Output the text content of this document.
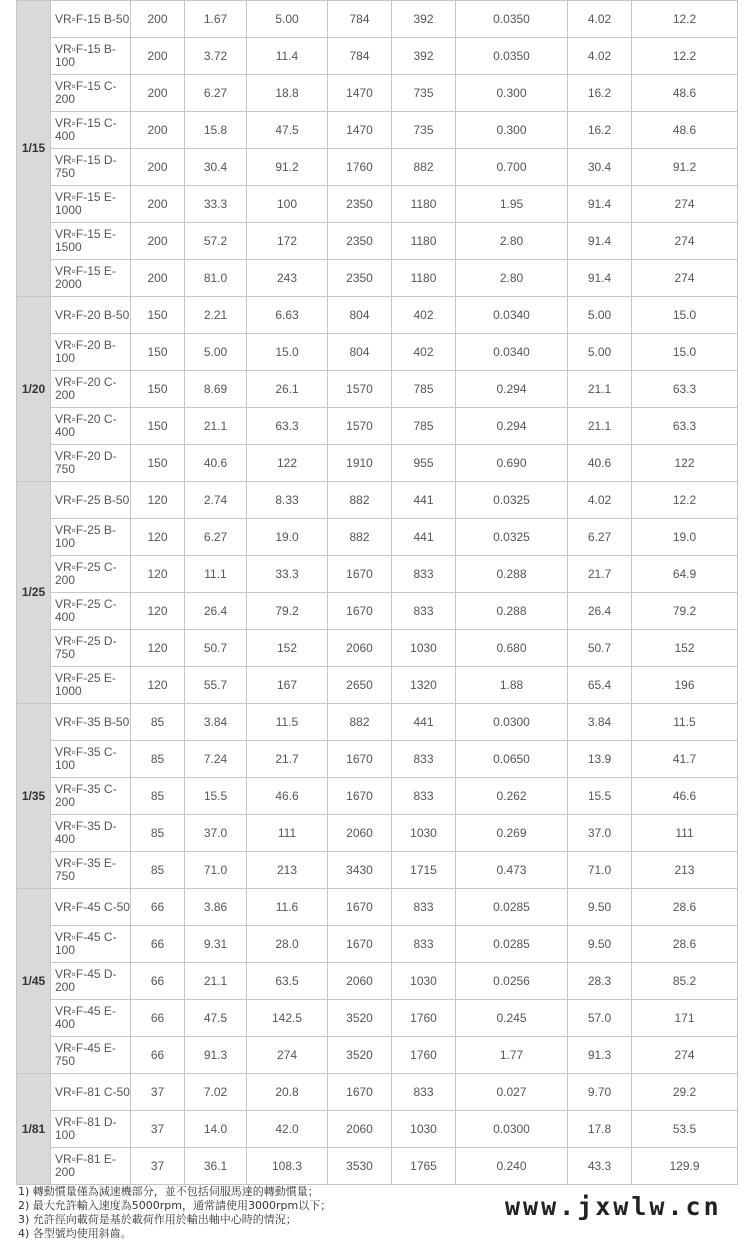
1/15	VR▫F-15 B-50	200	1.67	5.00	784	392	0.0350	4.02	12.2

	VR▫F-15 B-100	200	3.72	11.4	784	392	0.0350	4.02	12.2

	VR▫F-15 C-200	200	6.27	18.8	1470	735	0.300	16.2	48.6

	VR▫F-15 C-400	200	15.8	47.5	1470	735	0.300	16.2	48.6

	VR▫F-15 D-750	200	30.4	91.2	1760	882	0.700	30.4	91.2

	VR▫F-15 E-1000	200	33.3	100	2350	1180	1.95	91.4	274

	VR▫F-15 E-1500	200	57.2	172	2350	1180	2.80	91.4	274

	VR▫F-15 E-2000	200	81.0	243	2350	1180	2.80	91.4	274
1/20	VR▫F-20 B-50	150	2.21	6.63	804	402	0.0340	5.00	15.0

	VR▫F-20 B-100	150	5.00	15.0	804	402	0.0340	5.00	15.0

	VR▫F-20 C-200	150	8.69	26.1	1570	785	0.294	21.1	63.3

	VR▫F-20 C-400	150	21.1	63.3	1570	785	0.294	21.1	63.3

	VR▫F-20 D-750	150	40.6	122	1910	955	0.690	40.6	122
1/25	VR▫F-25 B-50	120	2.74	8.33	882	441	0.0325	4.02	12.2

	VR▫F-25 B-100	120	6.27	19.0	882	441	0.0325	6.27	19.0

	VR▫F-25 C-200	120	11.1	33.3	1670	833	0.288	21.7	64.9

	VR▫F-25 C-400	120	26.4	79.2	1670	833	0.288	26.4	79.2

	VR▫F-25 D-750	120	50.7	152	2060	1030	0.680	50.7	152

	VR▫F-25 E-1000	120	55.7	167	2650	1320	1.88	65.4	196
1/35	VR▫F-35 B-50	85	3.84	11.5	882	441	0.0300	3.84	11.5

	VR▫F-35 C-100	85	7.24	21.7	1670	833	0.0650	13.9	41.7

	VR▫F-35 C-200	85	15.5	46.6	1670	833	0.262	15.5	46.6

	VR▫F-35 D-400	85	37.0	111	2060	1030	0.269	37.0	111

	VR▫F-35 E-750	85	71.0	213	3430	1715	0.473	71.0	213
1/45	VR▫F-45 C-50	66	3.86	11.6	1670	833	0.0285	9.50	28.6

	VR▫F-45 C-100	66	9.31	28.0	1670	833	0.0285	9.50	28.6

	VR▫F-45 D-200	66	21.1	63.5	2060	1030	0.0256	28.3	85.2

	VR▫F-45 E-400	66	47.5	142.5	3520	1760	0.245	57.0	171

	VR▫F-45 E-750	66	91.3	274	3520	1760	1.77	91.3	274
1/81	VR▫F-81 C-50	37	7.02	20.8	1670	833	0.027	9.70	29.2

	VR▫F-81 D-100	37	14.0	42.0	2060	1030	0.0300	17.8	53.5

	VR▫F-81 E-200	37	36.1	108.3	3530	1765	0.240	43.3	129.9
1) 轉動慣量僅為減速機部分，並不包括伺服馬達的轉動慣量；
2) 最大允許輸入速度為5000rpm，通常請使用3000rpm以下；
3) 允許徑向載荷是基於載荷作用於輸出軸中心時的情況；
4) 各型號均使用斜齒。
www.jxwlw.cn
